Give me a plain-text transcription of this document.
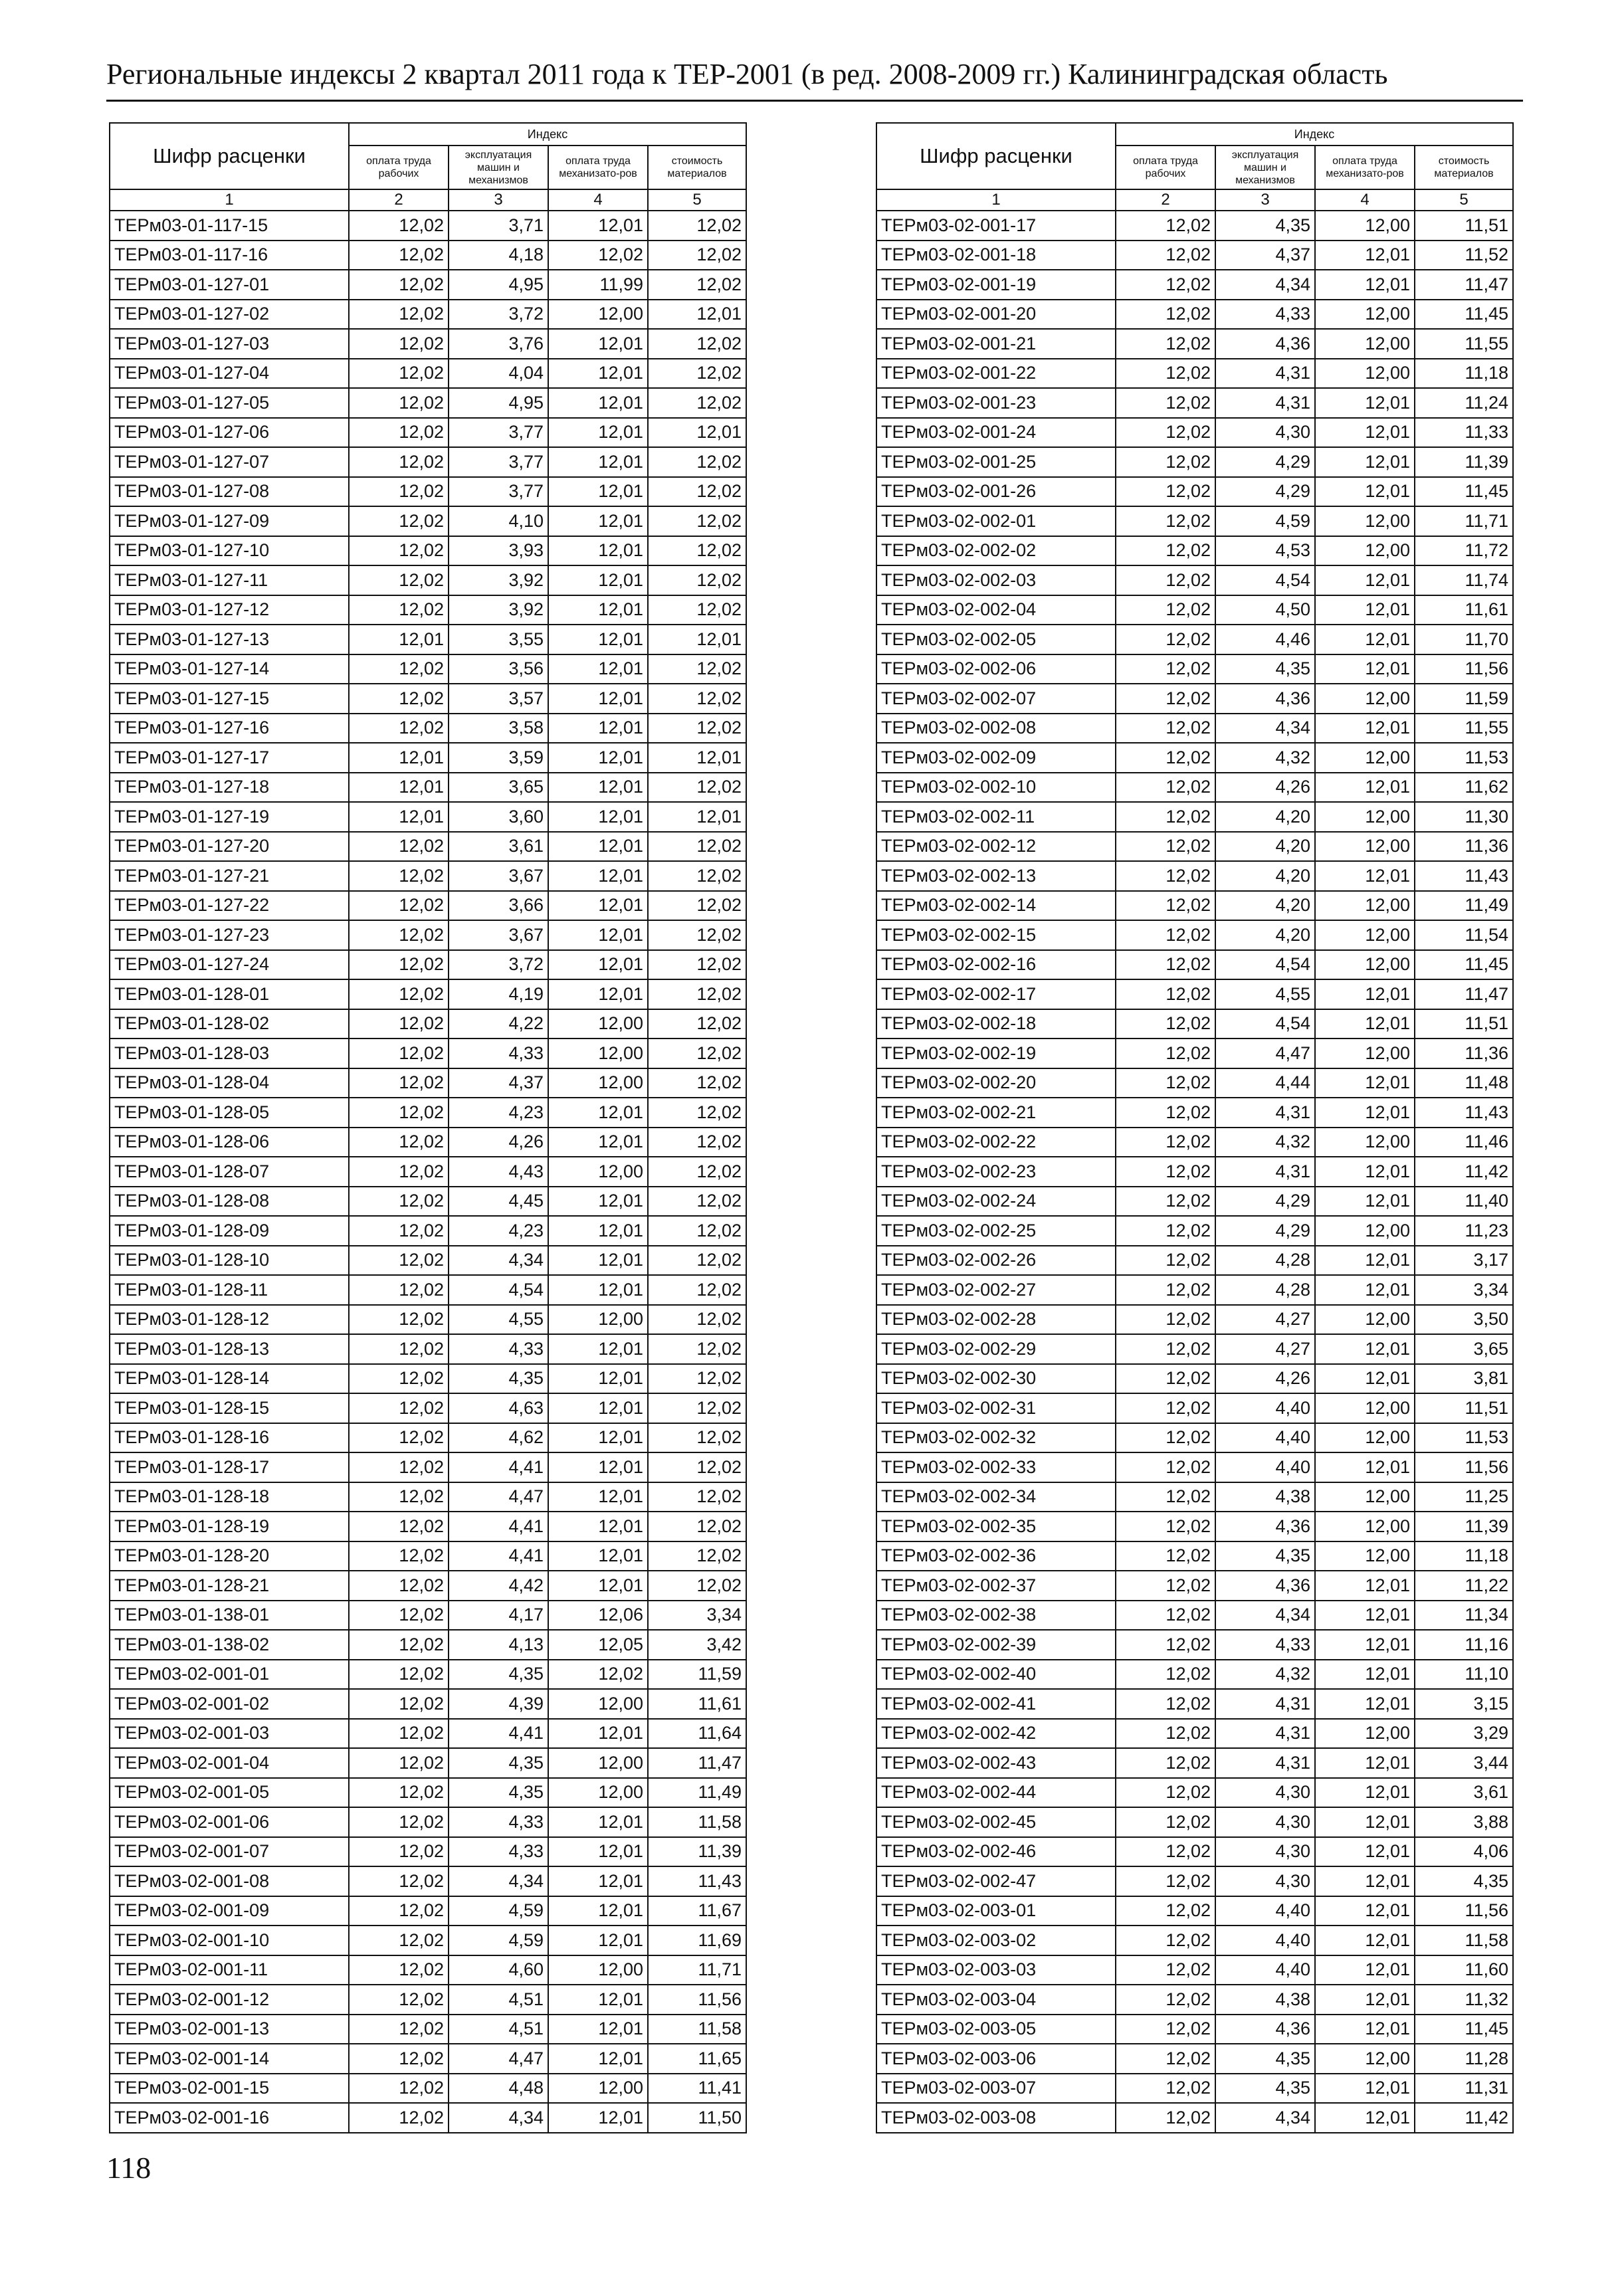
Региональные индексы 2 квартал 2011 года к ТЕР-2001 (в ред. 2008-2009 гг.) Калининградская область
Шифр расценки	Индекс			
	оплата труда рабочих	эксплуатация машин и механизмов	оплата труда механизато-ров	стоимость материалов
1	2	3	4	5
ТЕРм03-01-117-15	12,02	3,71	12,01	12,02
ТЕРм03-01-117-16	12,02	4,18	12,02	12,02
ТЕРм03-01-127-01	12,02	4,95	11,99	12,02
ТЕРм03-01-127-02	12,02	3,72	12,00	12,01
ТЕРм03-01-127-03	12,02	3,76	12,01	12,02
ТЕРм03-01-127-04	12,02	4,04	12,01	12,02
ТЕРм03-01-127-05	12,02	4,95	12,01	12,02
ТЕРм03-01-127-06	12,02	3,77	12,01	12,01
ТЕРм03-01-127-07	12,02	3,77	12,01	12,02
ТЕРм03-01-127-08	12,02	3,77	12,01	12,02
ТЕРм03-01-127-09	12,02	4,10	12,01	12,02
ТЕРм03-01-127-10	12,02	3,93	12,01	12,02
ТЕРм03-01-127-11	12,02	3,92	12,01	12,02
ТЕРм03-01-127-12	12,02	3,92	12,01	12,02
ТЕРм03-01-127-13	12,01	3,55	12,01	12,01
ТЕРм03-01-127-14	12,02	3,56	12,01	12,02
ТЕРм03-01-127-15	12,02	3,57	12,01	12,02
ТЕРм03-01-127-16	12,02	3,58	12,01	12,02
ТЕРм03-01-127-17	12,01	3,59	12,01	12,01
ТЕРм03-01-127-18	12,01	3,65	12,01	12,02
ТЕРм03-01-127-19	12,01	3,60	12,01	12,01
ТЕРм03-01-127-20	12,02	3,61	12,01	12,02
ТЕРм03-01-127-21	12,02	3,67	12,01	12,02
ТЕРм03-01-127-22	12,02	3,66	12,01	12,02
ТЕРм03-01-127-23	12,02	3,67	12,01	12,02
ТЕРм03-01-127-24	12,02	3,72	12,01	12,02
ТЕРм03-01-128-01	12,02	4,19	12,01	12,02
ТЕРм03-01-128-02	12,02	4,22	12,00	12,02
ТЕРм03-01-128-03	12,02	4,33	12,00	12,02
ТЕРм03-01-128-04	12,02	4,37	12,00	12,02
ТЕРм03-01-128-05	12,02	4,23	12,01	12,02
ТЕРм03-01-128-06	12,02	4,26	12,01	12,02
ТЕРм03-01-128-07	12,02	4,43	12,00	12,02
ТЕРм03-01-128-08	12,02	4,45	12,01	12,02
ТЕРм03-01-128-09	12,02	4,23	12,01	12,02
ТЕРм03-01-128-10	12,02	4,34	12,01	12,02
ТЕРм03-01-128-11	12,02	4,54	12,01	12,02
ТЕРм03-01-128-12	12,02	4,55	12,00	12,02
ТЕРм03-01-128-13	12,02	4,33	12,01	12,02
ТЕРм03-01-128-14	12,02	4,35	12,01	12,02
ТЕРм03-01-128-15	12,02	4,63	12,01	12,02
ТЕРм03-01-128-16	12,02	4,62	12,01	12,02
ТЕРм03-01-128-17	12,02	4,41	12,01	12,02
ТЕРм03-01-128-18	12,02	4,47	12,01	12,02
ТЕРм03-01-128-19	12,02	4,41	12,01	12,02
ТЕРм03-01-128-20	12,02	4,41	12,01	12,02
ТЕРм03-01-128-21	12,02	4,42	12,01	12,02
ТЕРм03-01-138-01	12,02	4,17	12,06	3,34
ТЕРм03-01-138-02	12,02	4,13	12,05	3,42
ТЕРм03-02-001-01	12,02	4,35	12,02	11,59
ТЕРм03-02-001-02	12,02	4,39	12,00	11,61
ТЕРм03-02-001-03	12,02	4,41	12,01	11,64
ТЕРм03-02-001-04	12,02	4,35	12,00	11,47
ТЕРм03-02-001-05	12,02	4,35	12,00	11,49
ТЕРм03-02-001-06	12,02	4,33	12,01	11,58
ТЕРм03-02-001-07	12,02	4,33	12,01	11,39
ТЕРм03-02-001-08	12,02	4,34	12,01	11,43
ТЕРм03-02-001-09	12,02	4,59	12,01	11,67
ТЕРм03-02-001-10	12,02	4,59	12,01	11,69
ТЕРм03-02-001-11	12,02	4,60	12,00	11,71
ТЕРм03-02-001-12	12,02	4,51	12,01	11,56
ТЕРм03-02-001-13	12,02	4,51	12,01	11,58
ТЕРм03-02-001-14	12,02	4,47	12,01	11,65
ТЕРм03-02-001-15	12,02	4,48	12,00	11,41
ТЕРм03-02-001-16	12,02	4,34	12,01	11,50
Шифр расценки	Индекс			
	оплата труда рабочих	эксплуатация машин и механизмов	оплата труда механизато-ров	стоимость материалов
1	2	3	4	5
ТЕРм03-02-001-17	12,02	4,35	12,00	11,51
ТЕРм03-02-001-18	12,02	4,37	12,01	11,52
ТЕРм03-02-001-19	12,02	4,34	12,01	11,47
ТЕРм03-02-001-20	12,02	4,33	12,00	11,45
ТЕРм03-02-001-21	12,02	4,36	12,00	11,55
ТЕРм03-02-001-22	12,02	4,31	12,00	11,18
ТЕРм03-02-001-23	12,02	4,31	12,01	11,24
ТЕРм03-02-001-24	12,02	4,30	12,01	11,33
ТЕРм03-02-001-25	12,02	4,29	12,01	11,39
ТЕРм03-02-001-26	12,02	4,29	12,01	11,45
ТЕРм03-02-002-01	12,02	4,59	12,00	11,71
ТЕРм03-02-002-02	12,02	4,53	12,00	11,72
ТЕРм03-02-002-03	12,02	4,54	12,01	11,74
ТЕРм03-02-002-04	12,02	4,50	12,01	11,61
ТЕРм03-02-002-05	12,02	4,46	12,01	11,70
ТЕРм03-02-002-06	12,02	4,35	12,01	11,56
ТЕРм03-02-002-07	12,02	4,36	12,00	11,59
ТЕРм03-02-002-08	12,02	4,34	12,01	11,55
ТЕРм03-02-002-09	12,02	4,32	12,00	11,53
ТЕРм03-02-002-10	12,02	4,26	12,01	11,62
ТЕРм03-02-002-11	12,02	4,20	12,00	11,30
ТЕРм03-02-002-12	12,02	4,20	12,00	11,36
ТЕРм03-02-002-13	12,02	4,20	12,01	11,43
ТЕРм03-02-002-14	12,02	4,20	12,00	11,49
ТЕРм03-02-002-15	12,02	4,20	12,00	11,54
ТЕРм03-02-002-16	12,02	4,54	12,00	11,45
ТЕРм03-02-002-17	12,02	4,55	12,01	11,47
ТЕРм03-02-002-18	12,02	4,54	12,01	11,51
ТЕРм03-02-002-19	12,02	4,47	12,00	11,36
ТЕРм03-02-002-20	12,02	4,44	12,01	11,48
ТЕРм03-02-002-21	12,02	4,31	12,01	11,43
ТЕРм03-02-002-22	12,02	4,32	12,00	11,46
ТЕРм03-02-002-23	12,02	4,31	12,01	11,42
ТЕРм03-02-002-24	12,02	4,29	12,01	11,40
ТЕРм03-02-002-25	12,02	4,29	12,00	11,23
ТЕРм03-02-002-26	12,02	4,28	12,01	3,17
ТЕРм03-02-002-27	12,02	4,28	12,01	3,34
ТЕРм03-02-002-28	12,02	4,27	12,00	3,50
ТЕРм03-02-002-29	12,02	4,27	12,01	3,65
ТЕРм03-02-002-30	12,02	4,26	12,01	3,81
ТЕРм03-02-002-31	12,02	4,40	12,00	11,51
ТЕРм03-02-002-32	12,02	4,40	12,00	11,53
ТЕРм03-02-002-33	12,02	4,40	12,01	11,56
ТЕРм03-02-002-34	12,02	4,38	12,00	11,25
ТЕРм03-02-002-35	12,02	4,36	12,00	11,39
ТЕРм03-02-002-36	12,02	4,35	12,00	11,18
ТЕРм03-02-002-37	12,02	4,36	12,01	11,22
ТЕРм03-02-002-38	12,02	4,34	12,01	11,34
ТЕРм03-02-002-39	12,02	4,33	12,01	11,16
ТЕРм03-02-002-40	12,02	4,32	12,01	11,10
ТЕРм03-02-002-41	12,02	4,31	12,01	3,15
ТЕРм03-02-002-42	12,02	4,31	12,00	3,29
ТЕРм03-02-002-43	12,02	4,31	12,01	3,44
ТЕРм03-02-002-44	12,02	4,30	12,01	3,61
ТЕРм03-02-002-45	12,02	4,30	12,01	3,88
ТЕРм03-02-002-46	12,02	4,30	12,01	4,06
ТЕРм03-02-002-47	12,02	4,30	12,01	4,35
ТЕРм03-02-003-01	12,02	4,40	12,01	11,56
ТЕРм03-02-003-02	12,02	4,40	12,01	11,58
ТЕРм03-02-003-03	12,02	4,40	12,01	11,60
ТЕРм03-02-003-04	12,02	4,38	12,01	11,32
ТЕРм03-02-003-05	12,02	4,36	12,01	11,45
ТЕРм03-02-003-06	12,02	4,35	12,00	11,28
ТЕРм03-02-003-07	12,02	4,35	12,01	11,31
ТЕРм03-02-003-08	12,02	4,34	12,01	11,42
118
